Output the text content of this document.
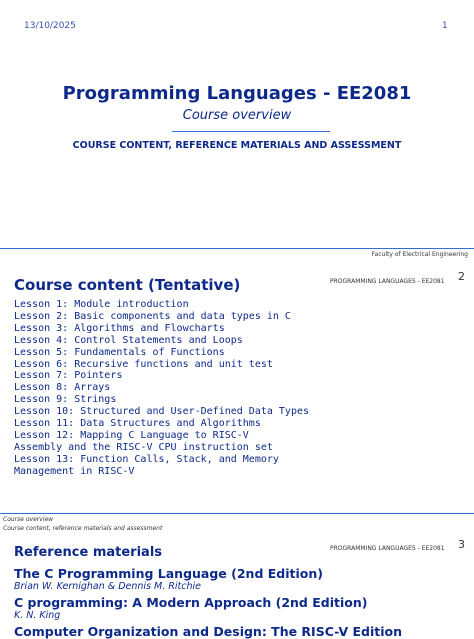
13/10/2025	1
Programming Languages - EE2081
Course overview
COURSE CONTENT, REFERENCE MATERIALS AND ASSESSMENT
Faculty of Electrical Engineering
Course content (Tentative)	PROGRAMMING LANGUAGES - EE2081 2
Lesson 1: Module introduction
Lesson 2: Basic components and data types in C
Lesson 3: Algorithms and Flowcharts
Lesson 4: Control Statements and Loops
Lesson 5: Fundamentals of Functions
Lesson 6: Recursive functions and unit test
Lesson 7: Pointers
Lesson 8: Arrays
Lesson 9: Strings
Lesson 10: Structured and User-Defined Data Types
Lesson 11: Data Structures and Algorithms
Lesson 12: Mapping C Language to RISC-V
Assembly and the RISC-V CPU instruction set
Lesson 13: Function Calls, Stack, and Memory
Management in RISC-V
Course overview
Course content, reference materials and assessment
Reference materials	PROGRAMMING LANGUAGES - EE2081 3
The C Programming Language (2nd Edition)
Brian W. Kernighan & Dennis M. Ritchie
C programming: A Modern Approach (2nd Edition)
K. N. King
Computer Organization and Design: The RISC-V Edition
